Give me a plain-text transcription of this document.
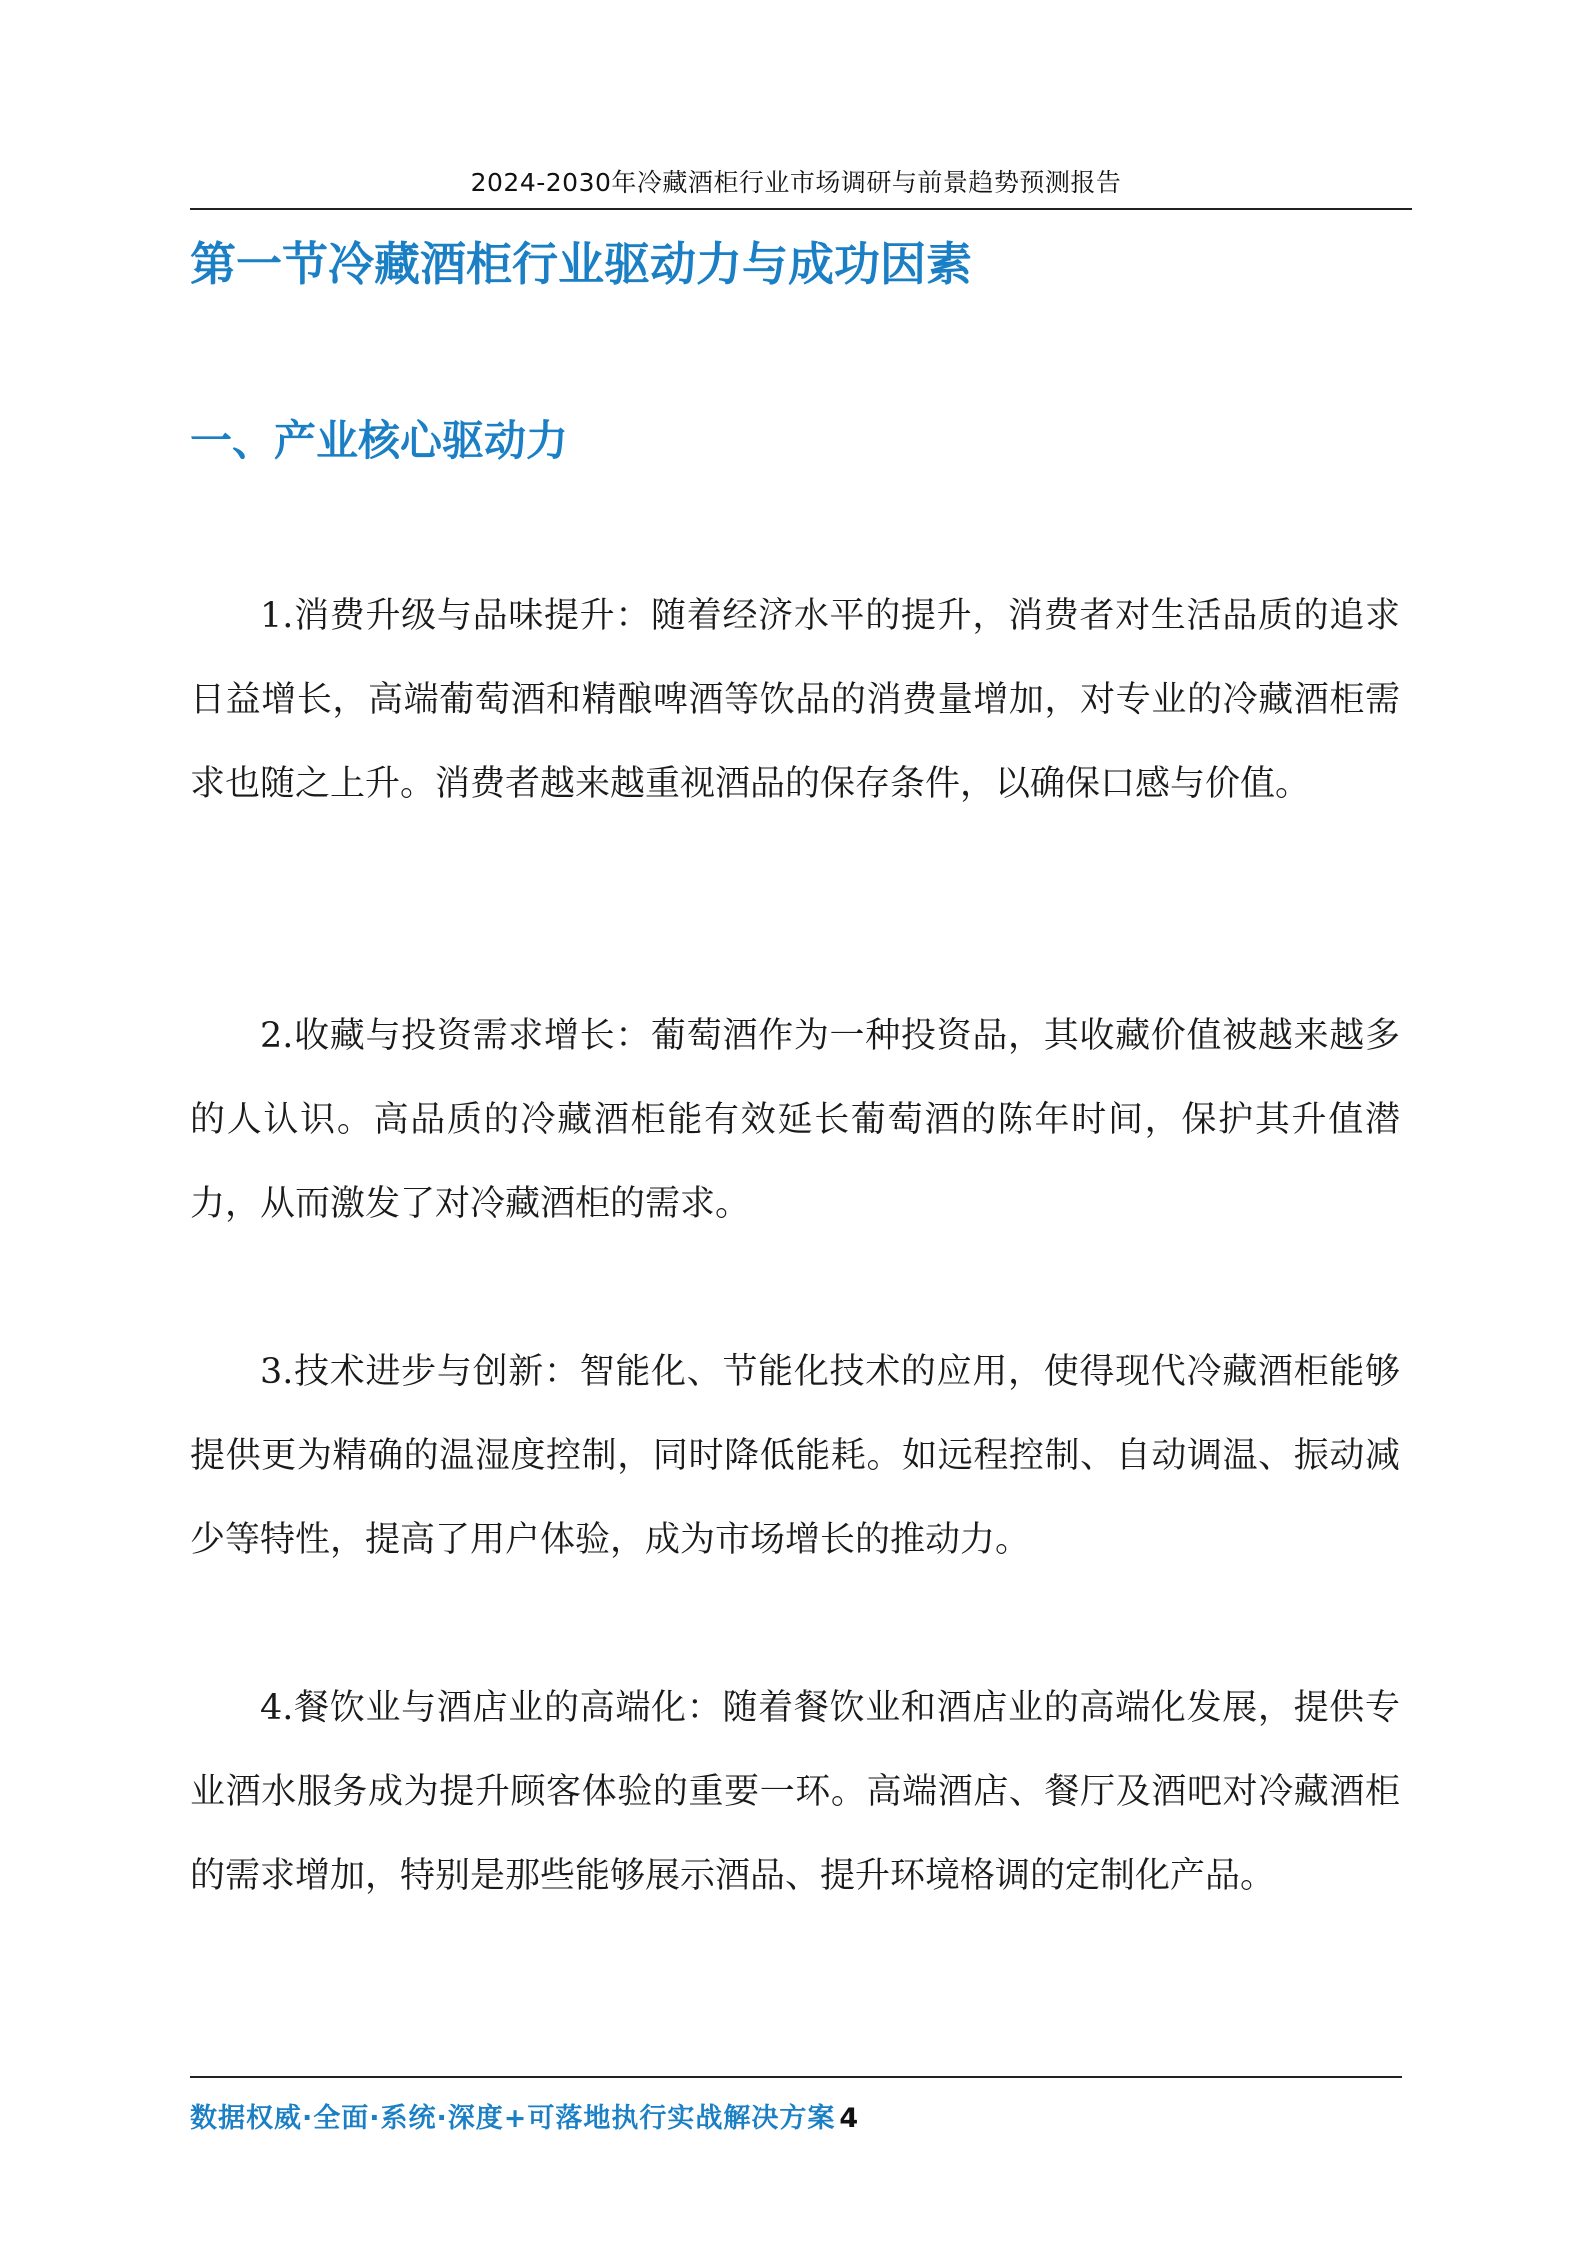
2024-2030年冷藏酒柜行业市场调研与前景趋势预测报告
第一节冷藏酒柜行业驱动力与成功因素
一、产业核心驱动力

1.消费升级与品味提升：随着经济水平的提升，消费者对生活品质的追求日益增长，高端葡萄酒和精酿啤酒等饮品的消费量增加，对专业的冷藏酒柜需求也随之上升。消费者越来越重视酒品的保存条件，以确保口感与价值。

2.收藏与投资需求增长：葡萄酒作为一种投资品，其收藏价值被越来越多的人认识。高品质的冷藏酒柜能有效延长葡萄酒的陈年时间，保护其升值潜力，从而激发了对冷藏酒柜的需求。

3.技术进步与创新：智能化、节能化技术的应用，使得现代冷藏酒柜能够提供更为精确的温湿度控制，同时降低能耗。如远程控制、自动调温、振动减少等特性，提高了用户体验，成为市场增长的推动力。

4.餐饮业与酒店业的高端化：随着餐饮业和酒店业的高端化发展，提供专业酒水服务成为提升顾客体验的重要一环。高端酒店、餐厅及酒吧对冷藏酒柜的需求增加，特别是那些能够展示酒品、提升环境格调的定制化产品。

数据权威·全面·系统·深度+可落地执行实战解决方案 4
